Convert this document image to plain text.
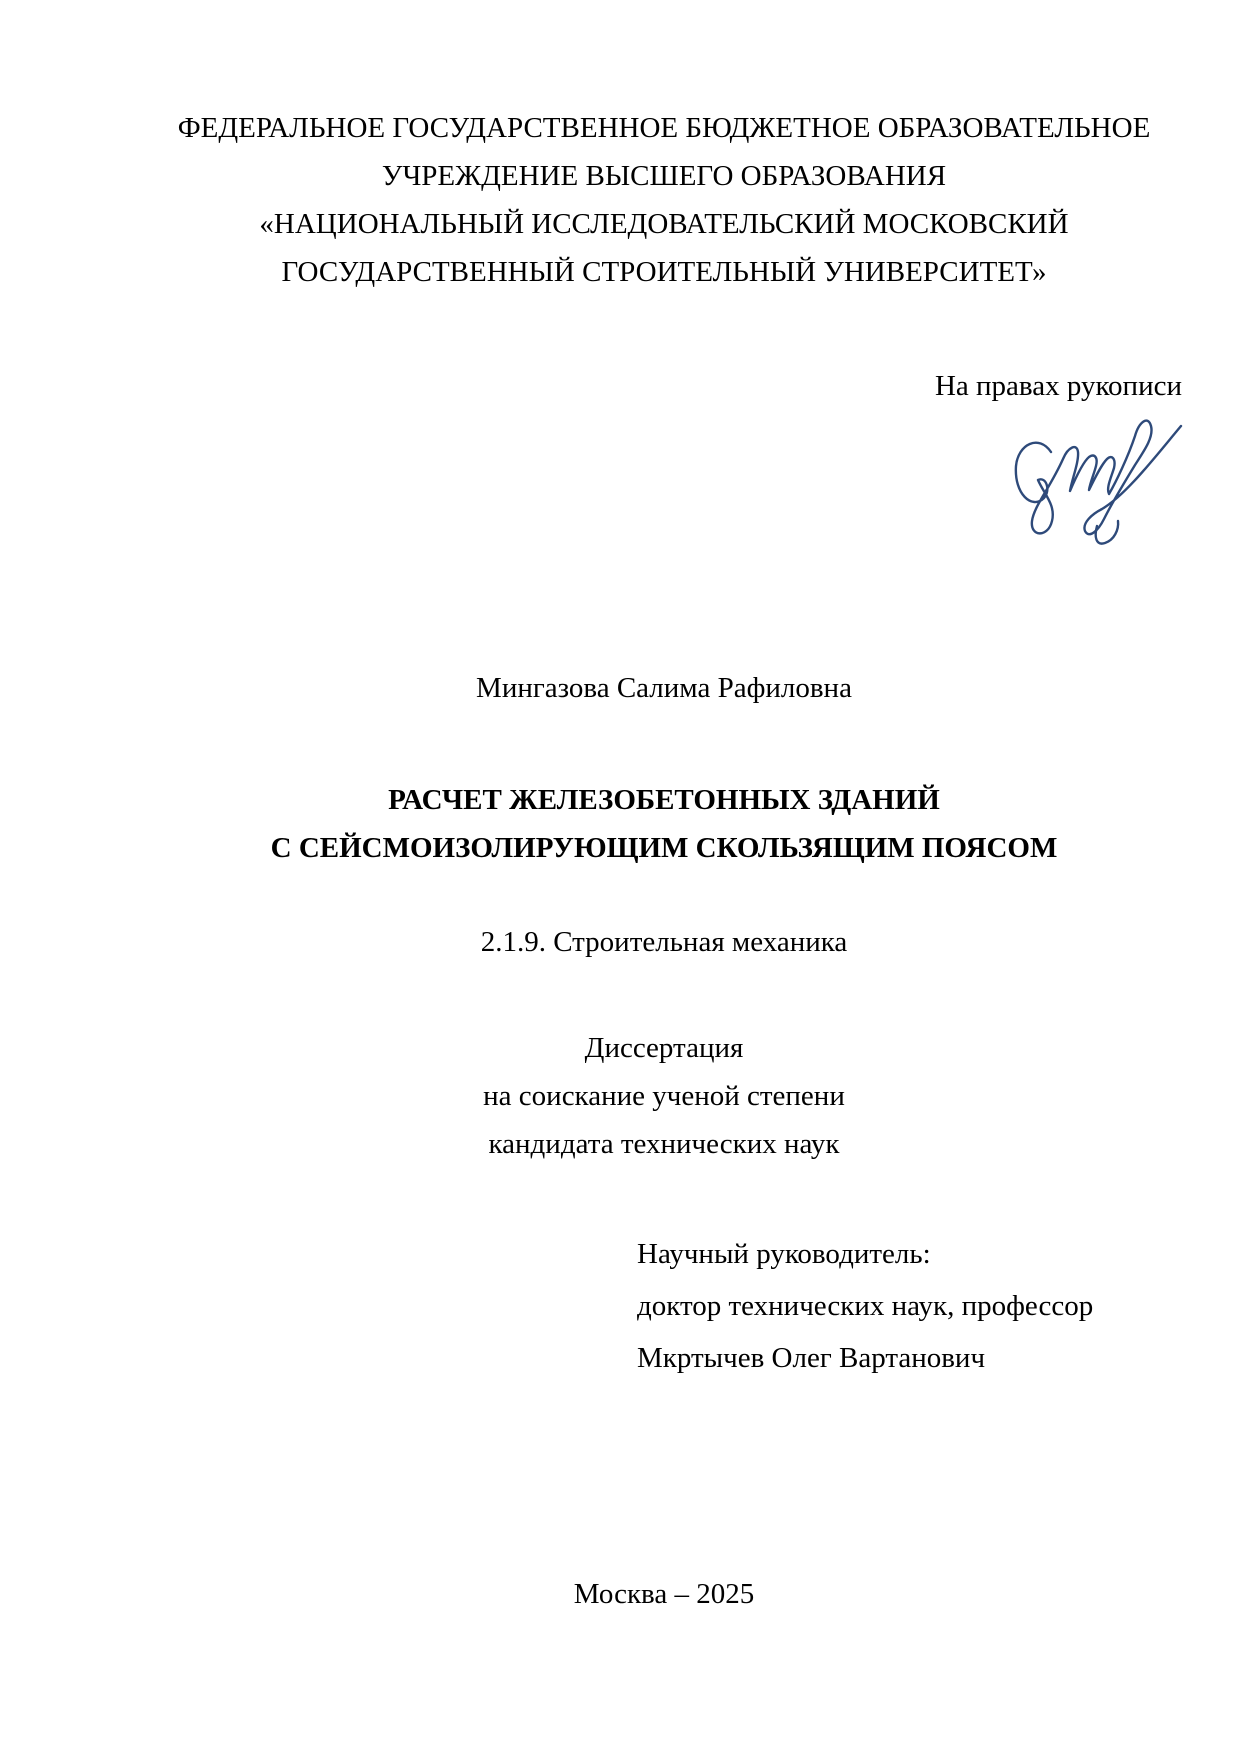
ФЕДЕРАЛЬНОЕ ГОСУДАРСТВЕННОЕ БЮДЖЕТНОЕ ОБРАЗОВАТЕЛЬНОЕ
УЧРЕЖДЕНИЕ ВЫСШЕГО ОБРАЗОВАНИЯ
«НАЦИОНАЛЬНЫЙ ИССЛЕДОВАТЕЛЬСКИЙ МОСКОВСКИЙ
ГОСУДАРСТВЕННЫЙ СТРОИТЕЛЬНЫЙ УНИВЕРСИТЕТ»
На правах рукописи
Мингазова Салима Рафиловна
РАСЧЕТ ЖЕЛЕЗОБЕТОННЫХ ЗДАНИЙ
С СЕЙСМОИЗОЛИРУЮЩИМ СКОЛЬЗЯЩИМ ПОЯСОМ
2.1.9. Строительная механика
Диссертация
на соискание ученой степени
кандидата технических наук
Научный руководитель:
доктор технических наук, профессор
Мкртычев Олег Вартанович
Москва – 2025
